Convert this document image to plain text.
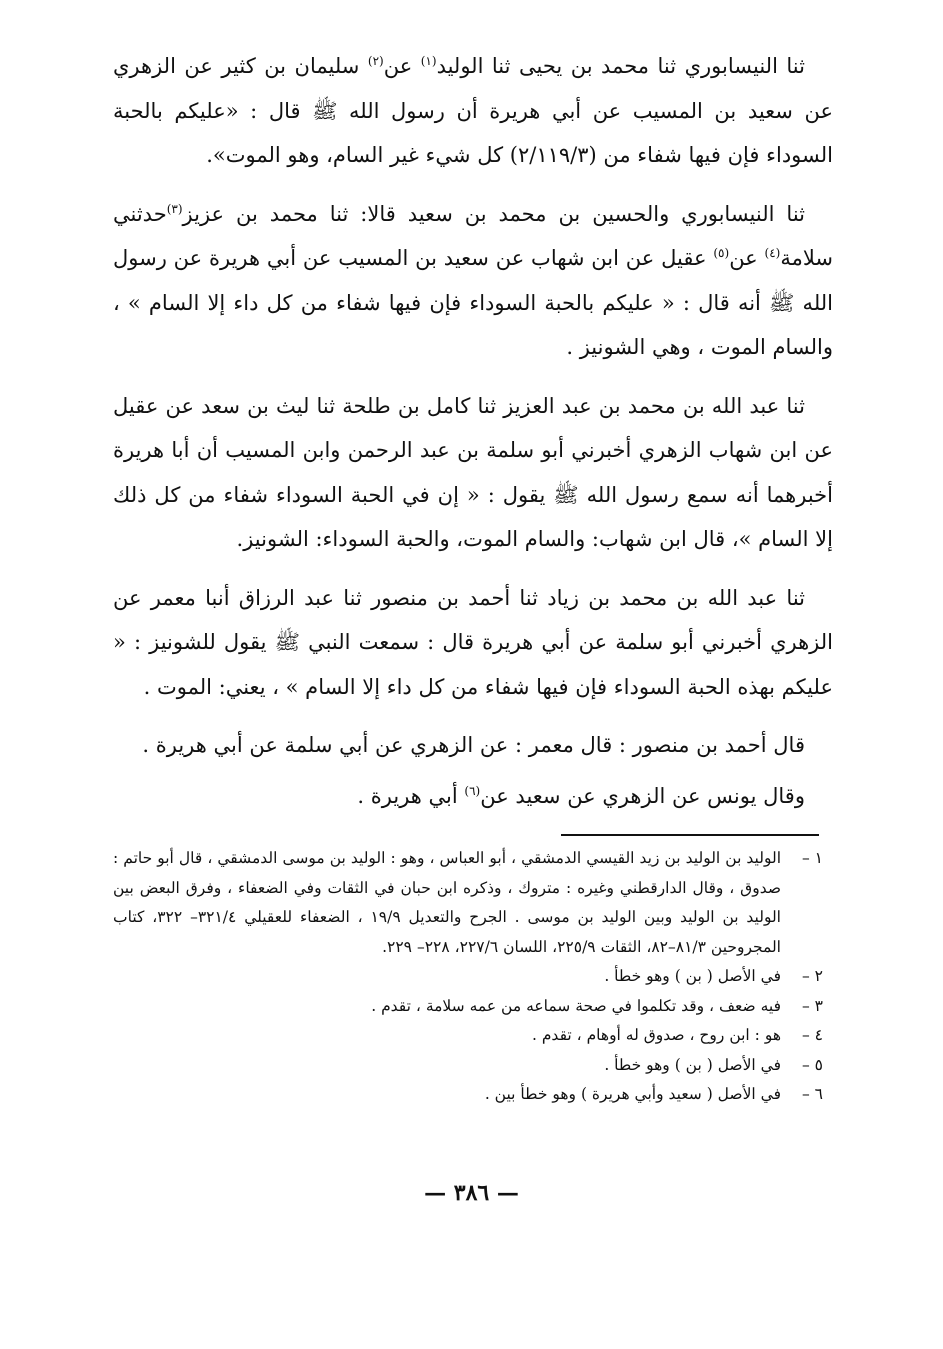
ثنا النيسابوري ثنا محمد بن يحيى ثنا الوليد$^{(١)}$ عن$^{(٢)}$ سليمان بن كثير عن الزهري عن سعيد بن المسيب عن أبي هريرة أن رسول الله ﷺ قال : «عليكم بالحبة السوداء فإن فيها شفاء من (٢/١١٩/٣) كل شيء غير السام، وهو الموت».

ثنا النيسابوري والحسين بن محمد بن سعيد قالا: ثنا محمد بن عزيز$^{(٣)}$حدثني سلامة$^{(٤)}$ عن$^{(٥)}$ عقيل عن ابن شهاب عن سعيد بن المسيب عن أبي هريرة عن رسول الله ﷺ أنه قال : « عليكم بالحبة السوداء فإن فيها شفاء من كل داء إلا السام » ، والسام الموت ، وهي الشونيز .

ثنا عبد الله بن محمد بن عبد العزيز ثنا كامل بن طلحة ثنا ليث بن سعد عن عقيل عن ابن شهاب الزهري أخبرني أبو سلمة بن عبد الرحمن وابن المسيب أن أبا هريرة أخبرهما أنه سمع رسول الله ﷺ يقول : « إن في الحبة السوداء شفاء من كل ذلك إلا السام »، قال ابن شهاب: والسام الموت، والحبة السوداء: الشونيز.

ثنا عبد الله بن محمد بن زياد ثنا أحمد بن منصور ثنا عبد الرزاق أنبا معمر عن الزهري أخبرني أبو سلمة عن أبي هريرة قال : سمعت النبي ﷺ يقول للشونيز : « عليكم بهذه الحبة السوداء فإن فيها شفاء من كل داء إلا السام » ، يعني: الموت .

قال أحمد بن منصور : قال معمر : عن الزهري عن أبي سلمة عن أبي هريرة .

وقال يونس عن الزهري عن سعيد عن$^{(٦)}$ أبي هريرة .

١ –
الوليد بن الوليد بن زيد القيسي الدمشقي ، أبو العباس ، وهو : الوليد بن موسى الدمشقي ، قال أبو حاتم : صدوق ، وقال الدارقطني وغيره : متروك ، وذكره ابن حبان في الثقات وفي الضعفاء ، وفرق البعض بين الوليد بن الوليد وبين الوليد بن موسى . الجرح والتعديل ١٩/٩ ، الضعفاء للعقيلي ٣٢١/٤– ٣٢٢، كتاب المجروحين ٨١/٣–٨٢، الثقات ٢٢٥/٩، اللسان ٢٢٧/٦، ٢٢٨– ٢٢٩.
٢ –
في الأصل ( بن ) وهو خطأ .
٣ –
فيه ضعف ، وقد تكلموا في صحة سماعه من عمه سلامة ، تقدم .
٤ –
هو : ابن روح ، صدوق له أوهام ، تقدم .
٥ –
في الأصل ( بن ) وهو خطأ .
٦ –
في الأصل ( سعيد وأبي هريرة ) وهو خطأ بين .
— ٣٨٦ —
